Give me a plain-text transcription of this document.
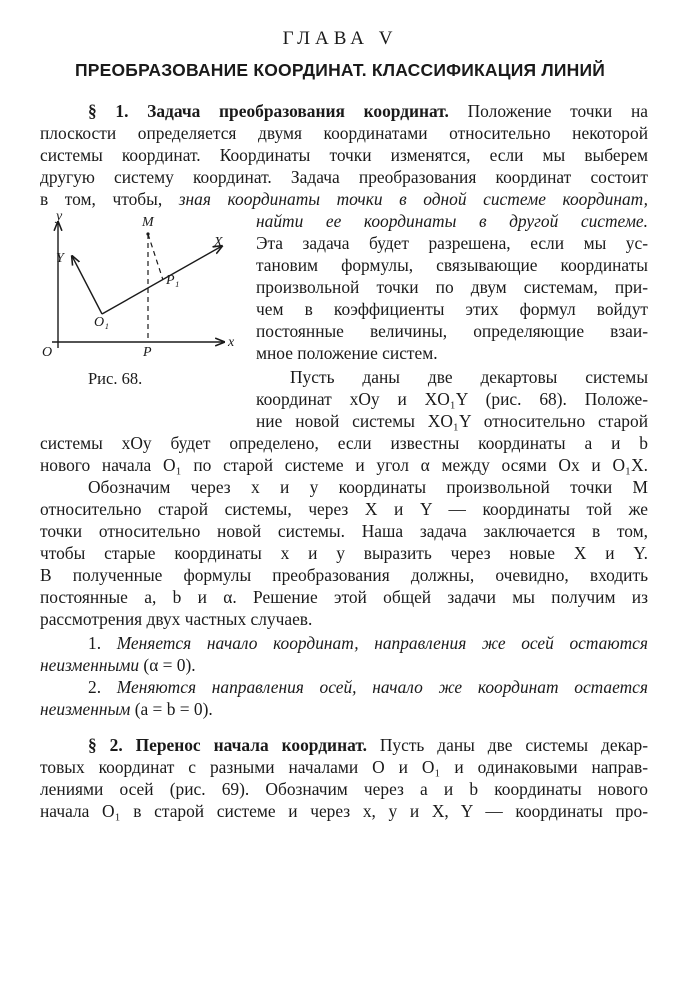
ГЛАВА V
ПРЕОБРАЗОВАНИЕ КООРДИНАТ. КЛАССИФИКАЦИЯ ЛИНИЙ
§ 1. Задача преобразования координат. Положение точки на
плоскости определяется двумя координатами относительно некоторой
системы координат. Координаты точки изменятся, если мы выберем
другую систему координат. Задача преобразования координат состоит
в том, чтобы, зная координаты точки в одной системе координат,
найти ее координаты в другой системе.
Эта задача будет разрешена, если мы ус-
тановим формулы, связывающие координаты
произвольной точки по двум системам, при-
чем в коэффициенты этих формул войдут
постоянные величины, определяющие взаи-
мное положение систем.
Пусть даны две декартовы системы
координат xOy и XO₁Y (рис. 68). Положе-
ние новой системы XO₁Y относительно старой
системы xOy будет определено, если известны координаты a и b
нового начала O₁ по старой системе и угол α между осями Ox и O₁X.
Обозначим через x и y координаты произвольной точки M
относительно старой системы, через X и Y — координаты той же
точки относительно новой системы. Наша задача заключается в том,
чтобы старые координаты x и y выразить через новые X и Y.
В полученные формулы преобразования должны, очевидно, входить
постоянные a, b и α. Решение этой общей задачи мы получим из
рассмотрения двух частных случаев.
1. Меняется начало координат, направления же осей остаются
неизменными (α = 0).
2. Меняются направления осей, начало же координат остается
неизменным (a = b = 0).
§ 2. Перенос начала координат. Пусть даны две системы декар-
товых координат с разными началами O и O₁ и одинаковыми направ-
лениями осей (рис. 69). Обозначим через a и b координаты нового
начала O₁ в старой системе и через x, y и X, Y — координаты про-
y
Y
M
X
P₁
O₁
O	P
x
Рис. 68.
